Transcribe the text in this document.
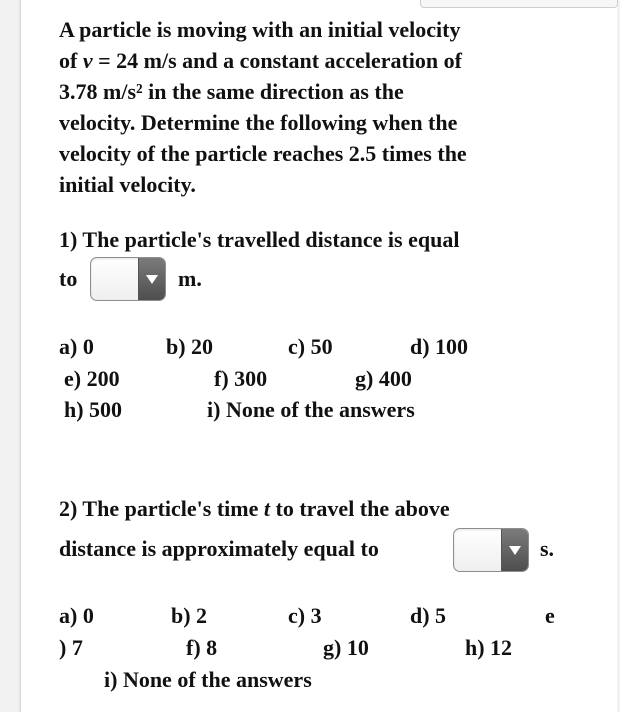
A particle is moving with an initial velocity
of v = 24 m/s and a constant acceleration of
3.78 m/s² in the same direction as the
velocity. Determine the following when the
velocity of the particle reaches 2.5 times the
initial velocity.
1) The particle's travelled distance is equal
to	m.
a) 0	b) 20	c) 50	d) 100
e) 200	f) 300	g) 400
h) 500	i) None of the answers
2) The particle's time t to travel the above
distance is approximately equal to	s.
a) 0	b) 2	c) 3	d) 5	e
) 7	f) 8	g) 10	h) 12
i) None of the answers
